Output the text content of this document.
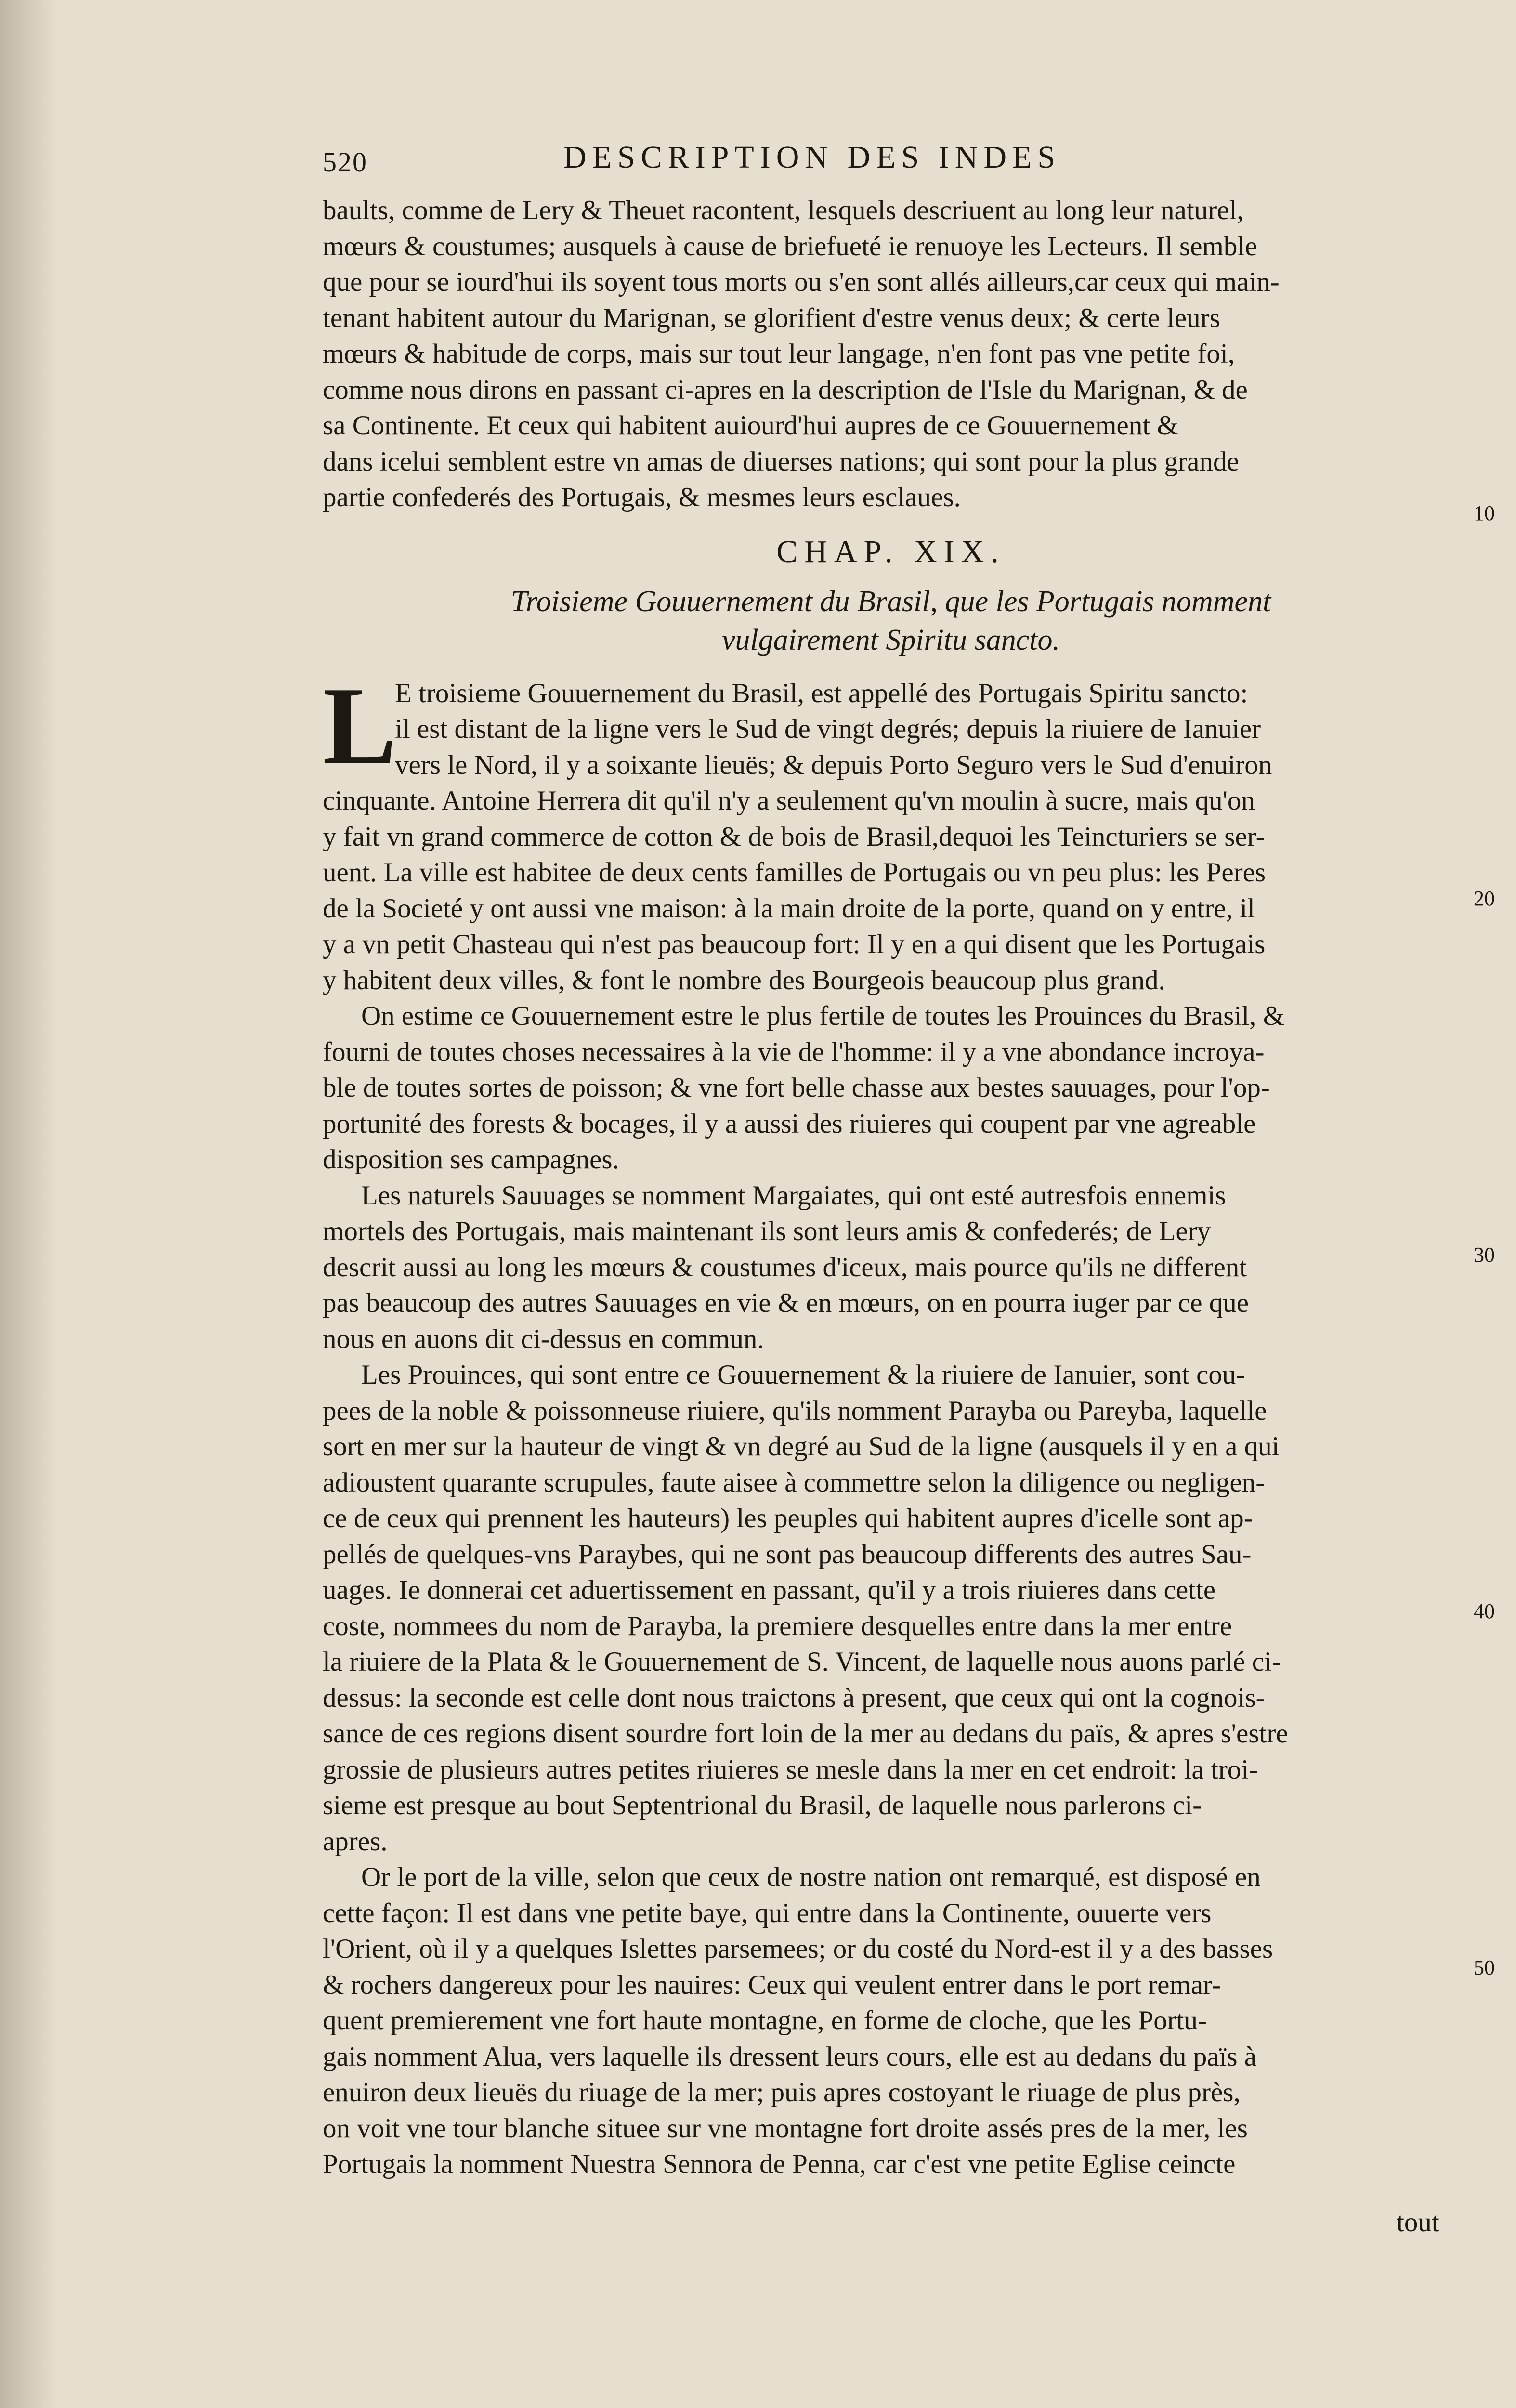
520	DESCRIPTION DES INDES
baults, comme de Lery & Theuet racontent, lesquels descriuent au long leur naturel,
mœurs & coustumes; ausquels à cause de briefueté ie renuoye les Lecteurs. Il semble
que pour se iourd'hui ils soyent tous morts ou s'en sont allés ailleurs,car ceux qui main-
tenant habitent autour du Marignan, se glorifient d'estre venus deux; & certe leurs
mœurs & habitude de corps, mais sur tout leur langage, n'en font pas vne petite foi,
comme nous dirons en passant ci-apres en la description de l'Isle du Marignan, & de
sa Continente. Et ceux qui habitent auiourd'hui aupres de ce Gouuernement &
dans icelui semblent estre vn amas de diuerses nations; qui sont pour la plus grande
partie confederés des Portugais, & mesmes leurs esclaues.
CHAP. XIX.
Troisieme Gouuernement du Brasil, que les Portugais nomment
vulgairement Spiritu sancto.
L
E troisieme Gouuernement du Brasil, est appellé des Portugais Spiritu sancto:
il est distant de la ligne vers le Sud de vingt degrés; depuis la riuiere de Ianuier
vers le Nord, il y a soixante lieuës; & depuis Porto Seguro vers le Sud d'enuiron
cinquante. Antoine Herrera dit qu'il n'y a seulement qu'vn moulin à sucre, mais qu'on
y fait vn grand commerce de cotton & de bois de Brasil,dequoi les Teincturiers se ser-
uent. La ville est habitee de deux cents familles de Portugais ou vn peu plus: les Peres
de la Societé y ont aussi vne maison: à la main droite de la porte, quand on y entre, il
y a vn petit Chasteau qui n'est pas beaucoup fort: Il y en a qui disent que les Portugais
y habitent deux villes, & font le nombre des Bourgeois beaucoup plus grand.
On estime ce Gouuernement estre le plus fertile de toutes les Prouinces du Brasil, &
fourni de toutes choses necessaires à la vie de l'homme: il y a vne abondance incroya-
ble de toutes sortes de poisson; & vne fort belle chasse aux bestes sauuages, pour l'op-
portunité des forests & bocages, il y a aussi des riuieres qui coupent par vne agreable
disposition ses campagnes.
Les naturels Sauuages se nomment Margaiates, qui ont esté autresfois ennemis
mortels des Portugais, mais maintenant ils sont leurs amis & confederés; de Lery
descrit aussi au long les mœurs & coustumes d'iceux, mais pource qu'ils ne different
pas beaucoup des autres Sauuages en vie & en mœurs, on en pourra iuger par ce que
nous en auons dit ci-dessus en commun.
Les Prouinces, qui sont entre ce Gouuernement & la riuiere de Ianuier, sont cou-
pees de la noble & poissonneuse riuiere, qu'ils nomment Parayba ou Pareyba, laquelle
sort en mer sur la hauteur de vingt & vn degré au Sud de la ligne (ausquels il y en a qui
adioustent quarante scrupules, faute aisee à commettre selon la diligence ou negligen-
ce de ceux qui prennent les hauteurs) les peuples qui habitent aupres d'icelle sont ap-
pellés de quelques-vns Paraybes, qui ne sont pas beaucoup differents des autres Sau-
uages. Ie donnerai cet aduertissement en passant, qu'il y a trois riuieres dans cette
coste, nommees du nom de Parayba, la premiere desquelles entre dans la mer entre
la riuiere de la Plata & le Gouuernement de S. Vincent, de laquelle nous auons parlé ci-
dessus: la seconde est celle dont nous traictons à present, que ceux qui ont la cognois-
sance de ces regions disent sourdre fort loin de la mer au dedans du païs, & apres s'estre
grossie de plusieurs autres petites riuieres se mesle dans la mer en cet endroit: la troi-
sieme est presque au bout Septentrional du Brasil, de laquelle nous parlerons ci-
apres.
Or le port de la ville, selon que ceux de nostre nation ont remarqué, est disposé en
cette façon: Il est dans vne petite baye, qui entre dans la Continente, ouuerte vers
l'Orient, où il y a quelques Islettes parsemees; or du costé du Nord-est il y a des basses
& rochers dangereux pour les nauires: Ceux qui veulent entrer dans le port remar-
quent premierement vne fort haute montagne, en forme de cloche, que les Portu-
gais nomment Alua, vers laquelle ils dressent leurs cours, elle est au dedans du païs à
enuiron deux lieuës du riuage de la mer; puis apres costoyant le riuage de plus près,
on voit vne tour blanche situee sur vne montagne fort droite assés pres de la mer, les
Portugais la nomment Nuestra Sennora de Penna, car c'est vne petite Eglise ceincte
10
20
30
40
50
tout
